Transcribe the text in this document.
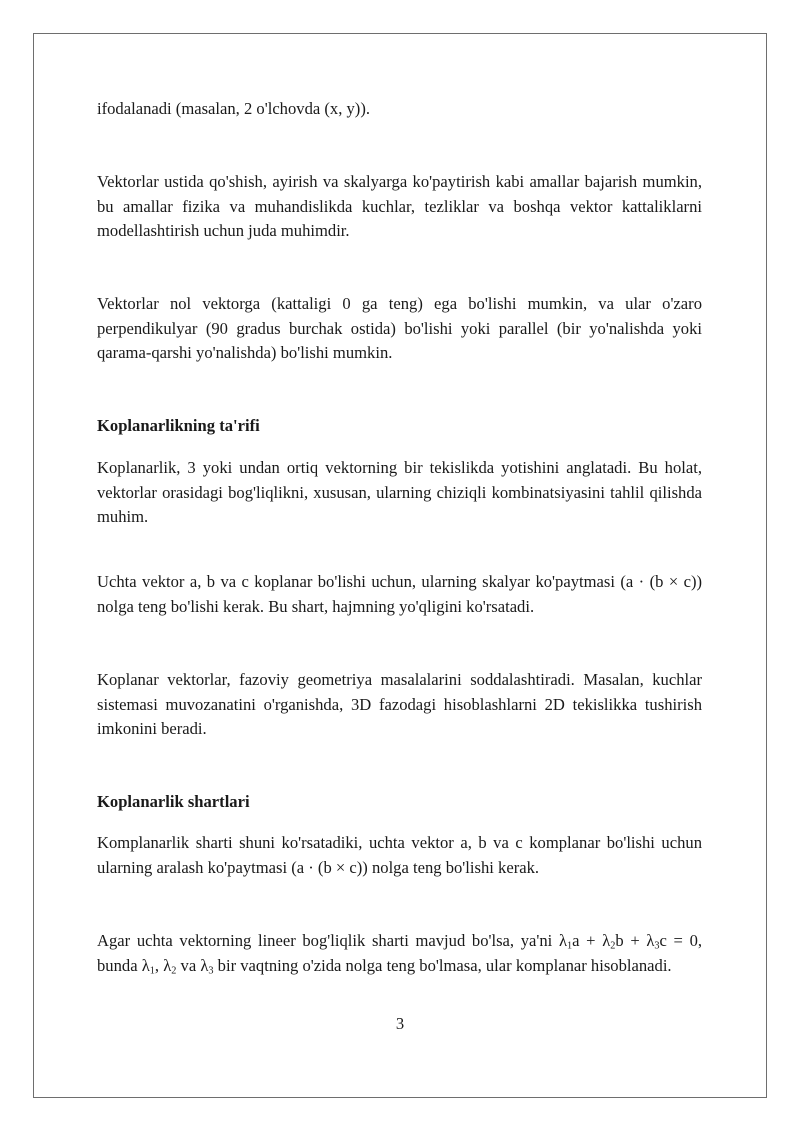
ifodalanadi (masalan, 2 o'lchovda (x, y)).

Vektorlar ustida qo'shish, ayirish va skalyarga ko'paytirish kabi amallar bajarish mumkin, bu amallar fizika va muhandislikda kuchlar, tezliklar va boshqa vektor kattaliklarni modellashtirish uchun juda muhimdir.

Vektorlar nol vektorga (kattaligi 0 ga teng) ega bo'lishi mumkin, va ular o'zaro perpendikulyar (90 gradus burchak ostida) bo'lishi yoki parallel (bir yo'nalishda yoki qarama-qarshi yo'nalishda) bo'lishi mumkin.

Koplanarlikning ta'rifi

Koplanarlik, 3 yoki undan ortiq vektorning bir tekislikda yotishini anglatadi. Bu holat, vektorlar orasidagi bog'liqlikni, xususan, ularning chiziqli kombinatsiyasini tahlil qilishda muhim.

Uchta vektor a, b va c koplanar bo'lishi uchun, ularning skalyar ko'paytmasi (a · (b × c)) nolga teng bo'lishi kerak. Bu shart, hajmning yo'qligini ko'rsatadi.

Koplanar vektorlar, fazoviy geometriya masalalarini soddalashtiradi. Masalan, kuchlar sistemasi muvozanatini o'rganishda, 3D fazodagi hisoblashlarni 2D tekislikka tushirish imkonini beradi.

Koplanarlik shartlari

Komplanarlik sharti shuni ko'rsatadiki, uchta vektor a, b va c komplanar bo'lishi uchun ularning aralash ko'paytmasi (a · (b × c)) nolga teng bo'lishi kerak.

Agar uchta vektorning lineer bog'liqlik sharti mavjud bo'lsa, ya'ni $\lambda_1a + \lambda_2b + \lambda_3c = 0$, bunda $\lambda_1$, $\lambda_2$ va $\lambda_3$ bir vaqtning o'zida nolga teng bo'lmasa, ular komplanar hisoblanadi.

3
